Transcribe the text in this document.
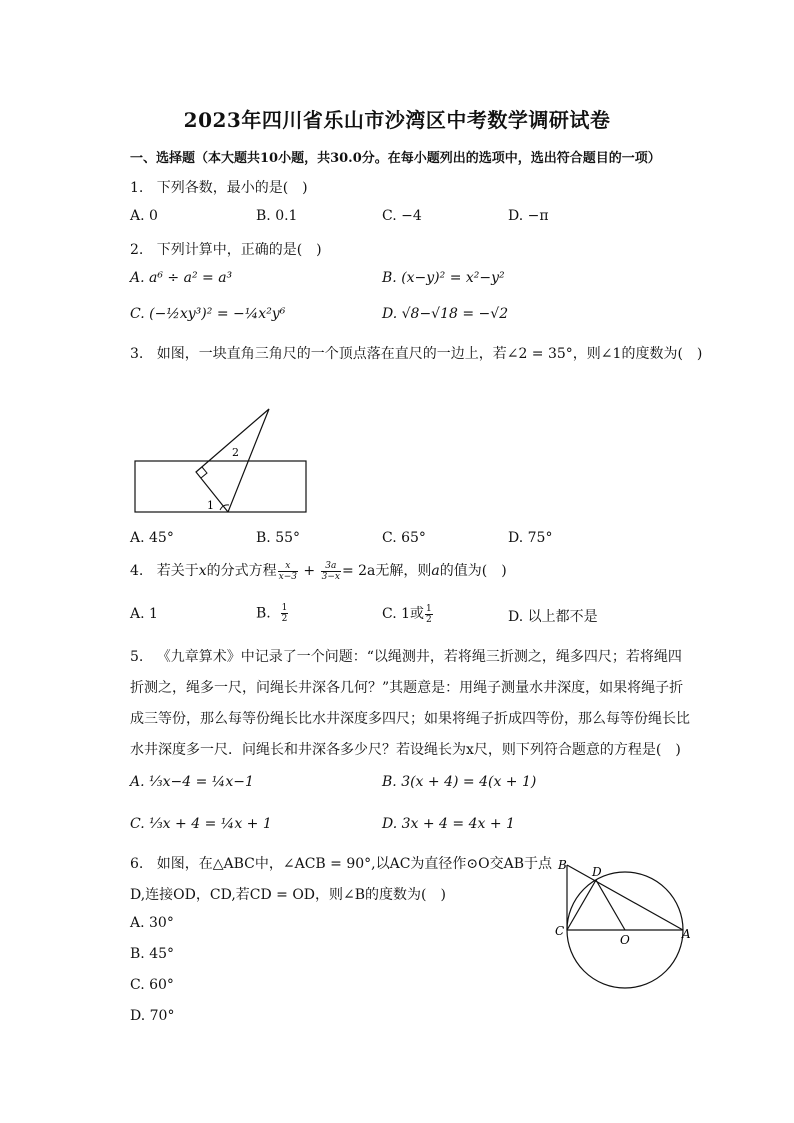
2023年四川省乐山市沙湾区中考数学调研试卷
一、选择题（本大题共10小题，共30.0分。在每小题列出的选项中，选出符合题目的一项）
1. 下列各数，最小的是(　)
A. 0	B. 0.1	C. −4	D. −π
2. 下列计算中，正确的是(　)
A. a⁶ ÷ a² = a³	B. (x−y)² = x²−y²
C. (−½xy³)² = −¼x²y⁶	D. √8−√18 = −√2
3. 如图，一块直角三角尺的一个顶点落在直尺的一边上，若∠2 = 35°，则∠1的度数为(　)
1
2
A. 45°	B. 55°	C. 65°	D. 75°
4. 若关于x的分式方程 $\frac{x}{x-3} + \frac{3a}{3-x} = 2a$无解，则a的值为(　)
A. 1	B. $\frac{1}{2}$	C. 1或 $\frac{1}{2}$	D. 以上都不是
5. 《九章算术》中记录了一个问题：“以绳测井，若将绳三折测之，绳多四尺；若将绳四
折测之，绳多一尺，问绳长井深各几何？”其题意是：用绳子测量水井深度，如果将绳子折
成三等份，那么每等份绳长比水井深度多四尺；如果将绳子折成四等份，那么每等份绳长比
水井深度多一尺．问绳长和井深各多少尺？若设绳长为x尺，则下列符合题意的方程是(　)
A. ⅓x−4 = ¼x−1	B. 3(x + 4) = 4(x + 1)
C. ⅓x + 4 = ¼x + 1	D. 3x + 4 = 4x + 1
6. 如图，在△ABC中，∠ACB = 90°,以AC为直径作⊙O交AB于点
D,连接OD，CD,若CD = OD，则∠B的度数为(　)
A. 30°
B. 45°
C. 60°
D. 70°
B D
C
O	A
